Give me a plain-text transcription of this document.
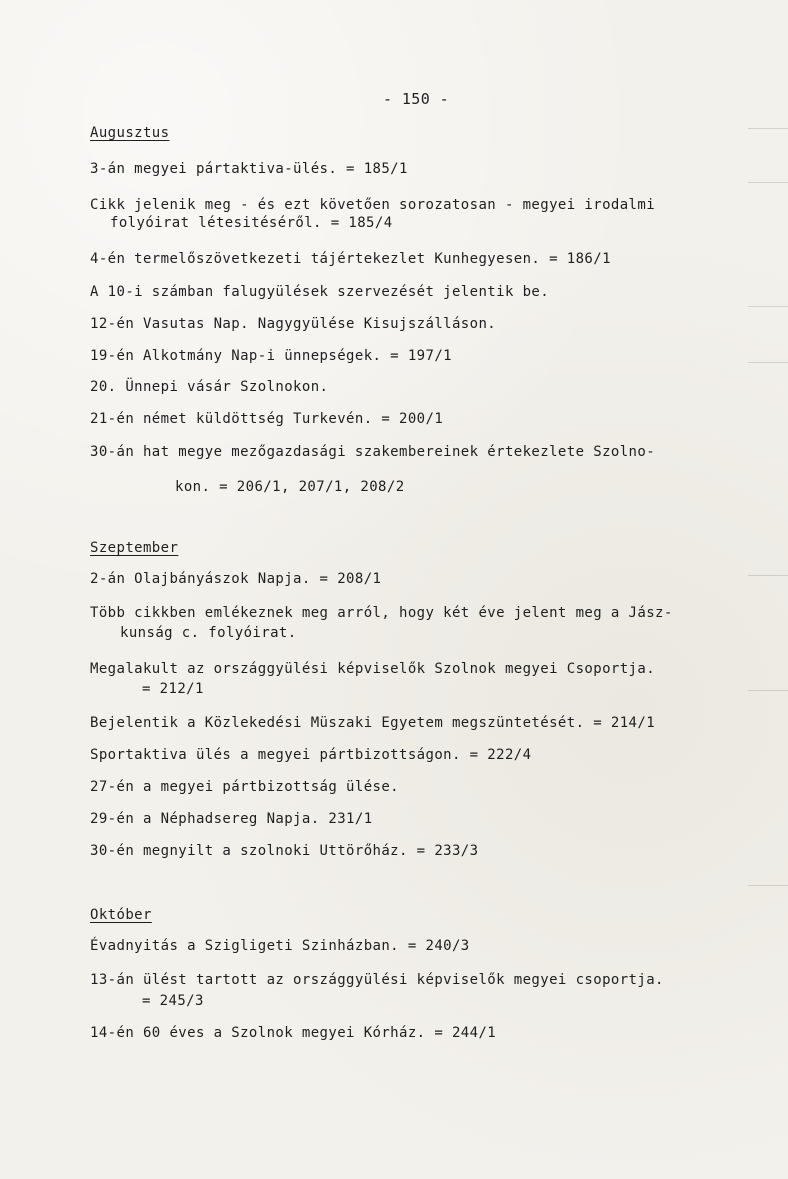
- 150 -
Augusztus
3-án megyei pártaktiva-ülés. = 185/1
Cikk jelenik meg - és ezt követően sorozatosan - megyei irodalmi
folyóirat létesitéséről. = 185/4
4-én termelőszövetkezeti tájértekezlet Kunhegyesen. = 186/1
A 10-i számban falugyülések szervezését jelentik be.
12-én Vasutas Nap. Nagygyülése Kisujszálláson.
19-én Alkotmány Nap-i ünnepségek. = 197/1
20. Ünnepi vásár Szolnokon.
21-én német küldöttség Turkevén. = 200/1
30-án hat megye mezőgazdasági szakembereinek értekezlete Szolno-
kon. = 206/1, 207/1, 208/2
Szeptember
2-án Olajbányászok Napja. = 208/1
Több cikkben emlékeznek meg arról, hogy két éve jelent meg a Jász-
kunság c. folyóirat.
Megalakult az országgyülési képviselők Szolnok megyei Csoportja.
= 212/1
Bejelentik a Közlekedési Müszaki Egyetem megszüntetését. = 214/1
Sportaktiva ülés a megyei pártbizottságon. = 222/4
27-én a megyei pártbizottság ülése.
29-én a Néphadsereg Napja. 231/1
30-én megnyilt a szolnoki Uttörőház. = 233/3
Október
Évadnyitás a Szigligeti Szinházban. = 240/3
13-án ülést tartott az országgyülési képviselők megyei csoportja.
= 245/3
14-én 60 éves a Szolnok megyei Kórház. = 244/1
